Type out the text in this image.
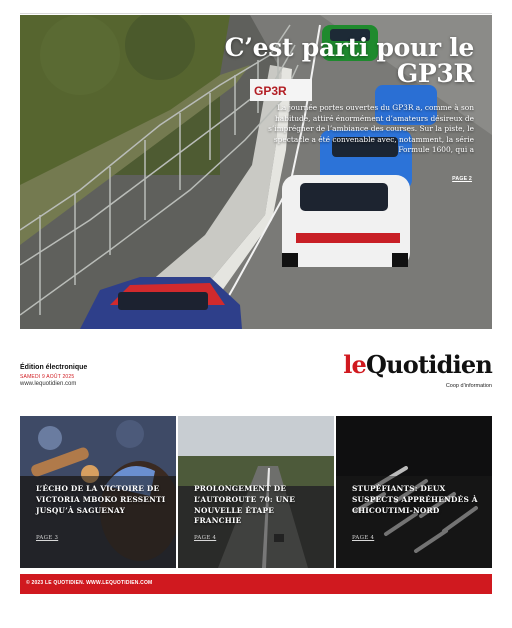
GP3R
C’est parti pour le GP3R
La journée portes ouvertes du GP3R a, comme à son habitude, attiré énormément d’amateurs désireux de s’imprégner de l’ambiance des courses. Sur la piste, le spectacle a été convenable avec, notamment, la série Formule 1600, qui a
PAGE 2
Édition électronique
SAMEDI 9 AOÛT 2025
www.lequotidien.com
leQuotidien
Coop d’information
L’ÉCHO DE LA VICTOIRE DE VICTORIA MBOKO RESSENTI JUSQU’À SAGUENAY
PAGE 3
PROLONGEMENT DE L’AUTOROUTE 70: UNE NOUVELLE ÉTAPE FRANCHIE
PAGE 4
STUPÉFIANTS: DEUX SUSPECTS APPRÉHENDÉS À CHICOUTIMI-NORD
PAGE 4
© 2023 LE QUOTIDIEN. WWW.LEQUOTIDIEN.COM
